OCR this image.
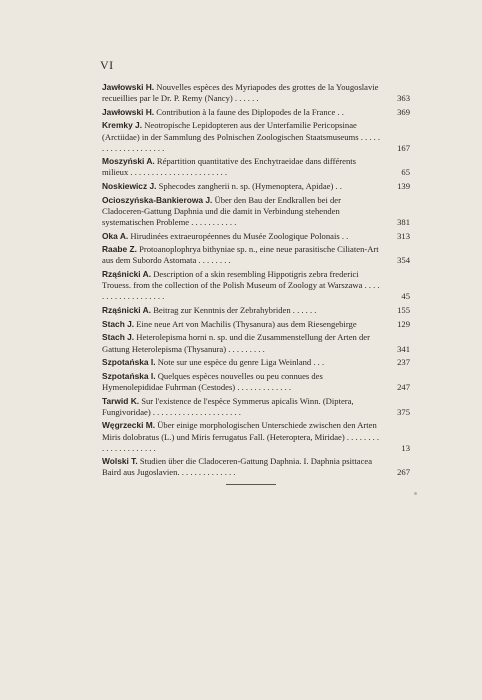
VI
Jawłowski H. Nouvelles espèces des Myriapodes des grottes de la Yougoslavie recueillies par le Dr. P. Remy (Nancy) . . . . . .	363
Jawłowski H. Contribution à la faune des Diplopodes de la France . .	369
Kremky J. Neotropische Lepidopteren aus der Unterfamilie Pericopsinae (Arctiidae) in der Sammlung des Polnischen Zoologischen Staatsmuseums . . . . . . . . . . . . . . . . . . . .	167
Moszyński A. Répartition quantitative des Enchytraeidae dans différents milieux . . . . . . . . . . . . . . . . . . . . . . .	65
Noskiewicz J. Sphecodes zangherii n. sp. (Hymenoptera, Apidae) . .	139
Ocioszyńska-Bankierowa J. Über den Bau der Endkrallen bei der Cladoceren-Gattung Daphnia und die damit in Verbindung stehenden systematischen Probleme . . . . . . . . . . .	381
Oka A. Hirudinées extraeuropéennes du Musée Zoologique Polonais . .	313
Raabe Z. Protoanoplophrya bithyniae sp. n., eine neue parasitische Ciliaten-Art aus dem Subordo Astomata . . . . . . . .	354
Rząśnicki A. Description of a skin resembling Hippotigris zebra frederici Trouess. from the collection of the Polish Museum of Zoology at Warszawa . . . . . . . . . . . . . . . . . . .	45
Rząśnicki A. Beitrag zur Kenntnis der Zebrahybriden . . . . . .	155
Stach J. Eine neue Art von Machilis (Thysanura) aus dem Riesengebirge	129
Stach J. Heterolepisma horni n. sp. und die Zusammenstellung der Arten der Gattung Heterolepisma (Thysanura) . . . . . . . . .	341
Szpotańska I. Note sur une espèce du genre Liga Weinland . . .	237
Szpotańska I. Quelques espèces nouvelles ou peu connues des Hymenolepididae Fuhrman (Cestodes) . . . . . . . . . . . . .	247
Tarwid K. Sur l'existence de l'espèce Symmerus apicalis Winn. (Diptera, Fungivoridae) . . . . . . . . . . . . . . . . . . . . .	375
Węgrzecki M. Über einige morphologischen Unterschiede zwischen den Arten Miris dolobratus (L.) und Miris ferrugatus Fall. (Heteroptera, Miridae) . . . . . . . . . . . . . . . . . . . . .	13
Wolski T. Studien über die Cladoceren-Gattung Daphnia. I. Daphnia psittacea Baird aus Jugoslavien. . . . . . . . . . . . . .	267
